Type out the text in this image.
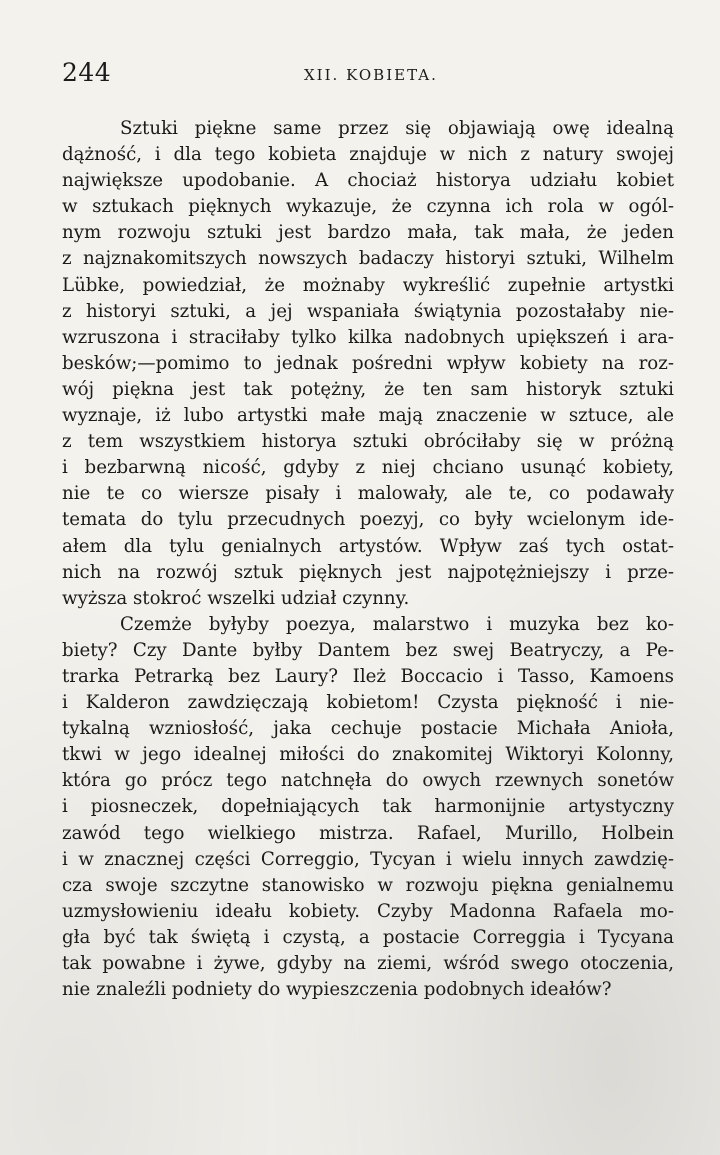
244	XII. KOBIETA.
Sztuki piękne same przez się objawiają owę idealną
dążność, i dla tego kobieta znajduje w nich z natury swojej
największe upodobanie. A chociaż historya udziału kobiet
w sztukach pięknych wykazuje, że czynna ich rola w ogól-
nym rozwoju sztuki jest bardzo mała, tak mała, że jeden
z najznakomitszych nowszych badaczy historyi sztuki, Wilhelm
Lübke, powiedział, że możnaby wykreślić zupełnie artystki
z historyi sztuki, a jej wspaniała świątynia pozostałaby nie-
wzruszona i straciłaby tylko kilka nadobnych upiększeń i ara-
besków;—pomimo to jednak pośredni wpływ kobiety na roz-
wój piękna jest tak potężny, że ten sam historyk sztuki
wyznaje, iż lubo artystki małe mają znaczenie w sztuce, ale
z tem wszystkiem historya sztuki obróciłaby się w próżną
i bezbarwną nicość, gdyby z niej chciano usunąć kobiety,
nie te co wiersze pisały i malowały, ale te, co podawały
temata do tylu przecudnych poezyj, co były wcielonym ide-
ałem dla tylu genialnych artystów. Wpływ zaś tych ostat-
nich na rozwój sztuk pięknych jest najpotężniejszy i prze-
wyższa stokroć wszelki udział czynny.
Czemże byłyby poezya, malarstwo i muzyka bez ko-
biety? Czy Dante byłby Dantem bez swej Beatryczy, a Pe-
trarka Petrarką bez Laury? Ileż Boccacio i Tasso, Kamoens
i Kalderon zawdzięczają kobietom! Czysta piękność i nie-
tykalną wzniosłość, jaka cechuje postacie Michała Anioła,
tkwi w jego idealnej miłości do znakomitej Wiktoryi Kolonny,
która go prócz tego natchnęła do owych rzewnych sonetów
i piosneczek, dopełniających tak harmonijnie artystyczny
zawód tego wielkiego mistrza. Rafael, Murillo, Holbein
i w znacznej części Correggio, Tycyan i wielu innych zawdzię-
cza swoje szczytne stanowisko w rozwoju piękna genialnemu
uzmysłowieniu ideału kobiety. Czyby Madonna Rafaela mo-
gła być tak świętą i czystą, a postacie Correggia i Tycyana
tak powabne i żywe, gdyby na ziemi, wśród swego otoczenia,
nie znaleźli podniety do wypieszczenia podobnych ideałów?
